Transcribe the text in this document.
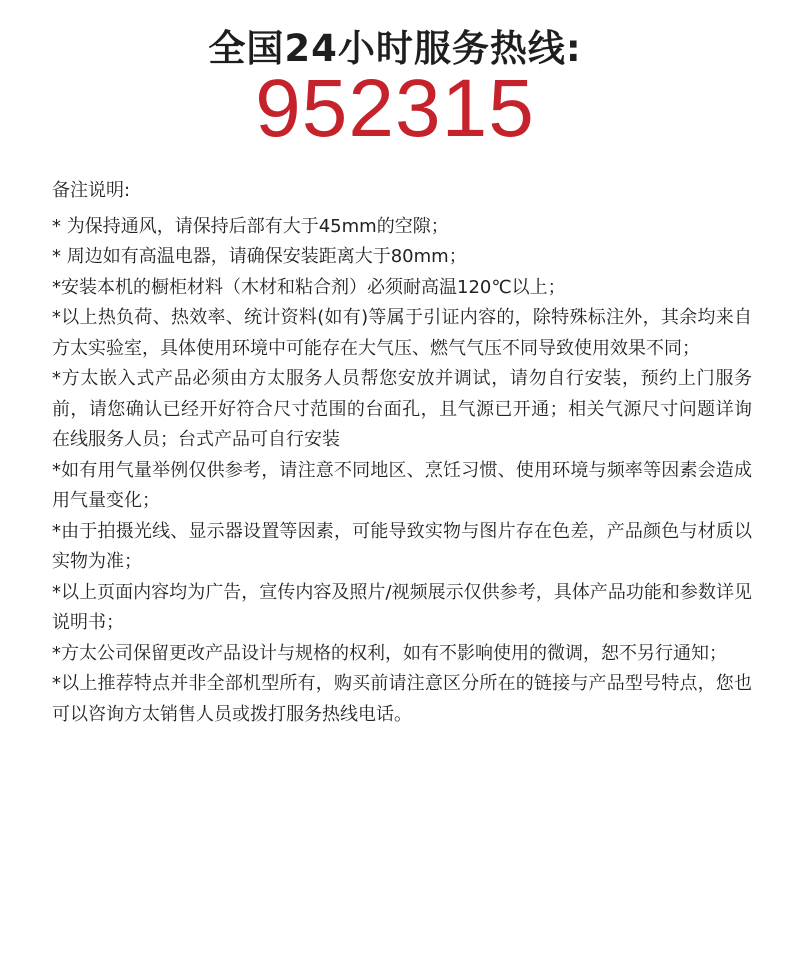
全国24小时服务热线:
952315

备注说明:

* 为保持通风，请保持后部有大于45mm的空隙；

* 周边如有高温电器，请确保安装距离大于80mm；

*安装本机的橱柜材料（木材和粘合剂）必须耐高温120℃以上；

*以上热负荷、热效率、统计资料(如有)等属于引证内容的，除特殊标注外，其余均来自方太实验室，具体使用环境中可能存在大气压、燃气气压不同导致使用效果不同；

*方太嵌入式产品必须由方太服务人员帮您安放并调试，请勿自行安装，预约上门服务前，请您确认已经开好符合尺寸范围的台面孔，且气源已开通；相关气源尺寸问题详询在线服务人员；台式产品可自行安装

*如有用气量举例仅供参考，请注意不同地区、烹饪习惯、使用环境与频率等因素会造成用气量变化；

*由于拍摄光线、显示器设置等因素，可能导致实物与图片存在色差，产品颜色与材质以实物为准；

*以上页面内容均为广告，宣传内容及照片/视频展示仅供参考，具体产品功能和参数详见说明书；

*方太公司保留更改产品设计与规格的权利，如有不影响使用的微调，恕不另行通知；

*以上推荐特点并非全部机型所有，购买前请注意区分所在的链接与产品型号特点，您也可以咨询方太销售人员或拨打服务热线电话。
